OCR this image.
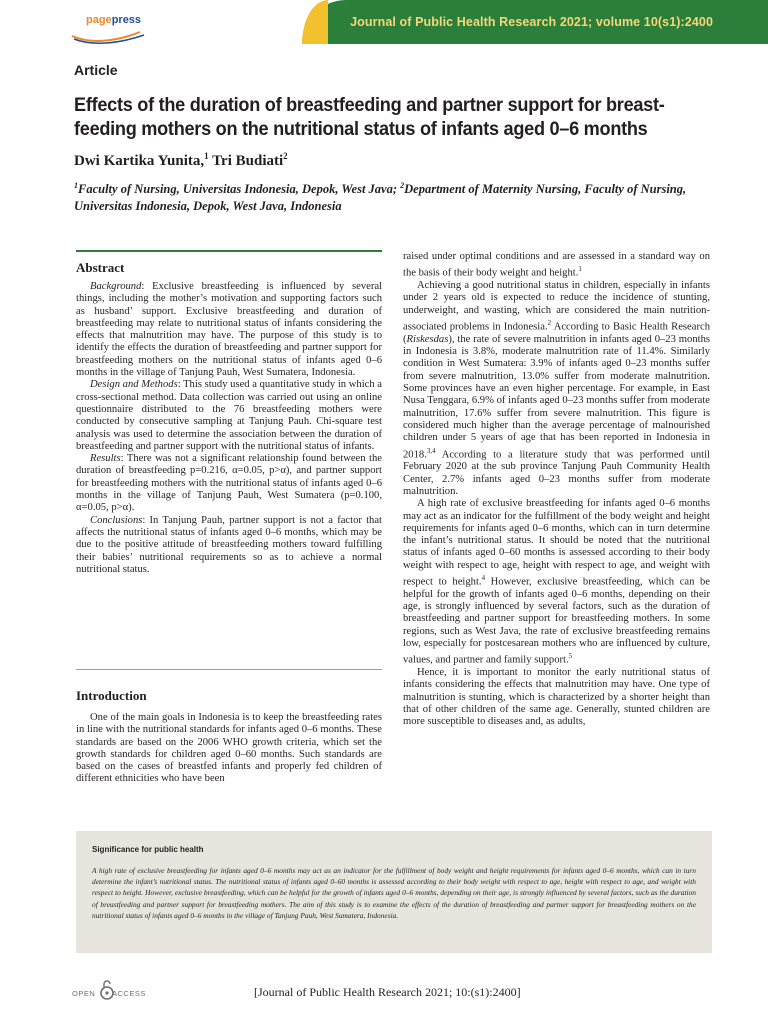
pagepress	Journal of Public Health Research 2021; volume 10(s1):2400
Article
Effects of the duration of breastfeeding and partner support for breast-feeding mothers on the nutritional status of infants aged 0–6 months
Dwi Kartika Yunita,$^1$ Tri Budiati$^2$
$^1$Faculty of Nursing, Universitas Indonesia, Depok, West Java; $^2$Department of Maternity Nursing, Faculty of Nursing, Universitas Indonesia, Depok, West Java, Indonesia
Abstract

Background: Exclusive breastfeeding is influenced by several things, including the mother’s motivation and supporting factors such as husband’ support. Exclusive breastfeeding and duration of breastfeeding may relate to nutritional status of infants considering the effects that malnutrition may have. The purpose of this study is to identify the effects the duration of breastfeeding and partner support for breastfeeding mothers on the nutritional status of infants aged 0–6 months in the village of Tanjung Pauh, West Sumatera, Indonesia.

Design and Methods: This study used a quantitative study in which a cross-sectional method. Data collection was carried out using an online questionnaire distributed to the 76 breastfeeding mothers were conducted by consecutive sampling at Tanjung Pauh. Chi-square test analysis was used to determine the association between the duration of breastfeeding and partner support with the nutritional status of infants.

Results: There was not a significant relationship found between the duration of breastfeeding p=0.216, α=0.05, p>α), and partner support for breastfeeding mothers with the nutritional status of infants aged 0–6 months in the village of Tanjung Pauh, West Sumatera (p=0.100, α=0.05, p>α).

Conclusions: In Tanjung Pauh, partner support is not a factor that affects the nutritional status of infants aged 0–6 months, which may be due to the positive attitude of breastfeeding mothers toward fulfilling their babies’ nutritional requirements so as to achieve a normal nutritional status.

Introduction

One of the main goals in Indonesia is to keep the breastfeeding rates in line with the nutritional standards for infants aged 0–6 months. These standards are based on the 2006 WHO growth criteria, which set the growth standards for children aged 0–60 months. Such standards are based on the cases of breastfed infants and properly fed children of different ethnicities who have been

raised under optimal conditions and are assessed in a standard way on the basis of their body weight and height.$^1$

Achieving a good nutritional status in children, especially in infants under 2 years old is expected to reduce the incidence of stunting, underweight, and wasting, which are considered the main nutrition-associated problems in Indonesia.$^2$ According to Basic Health Research (Riskesdas), the rate of severe malnutrition in infants aged 0–23 months in Indonesia is 3.8%, moderate malnutrition rate of 11.4%. Similarly condition in West Sumatera: 3.9% of infants aged 0–23 months suffer from severe malnutrition, 13.0% suffer from moderate malnutrition. Some provinces have an even higher percentage. For example, in East Nusa Tenggara, 6.9% of infants aged 0–23 months suffer from moderate malnutrition, 17.6% suffer from severe malnutrition. This figure is considered much higher than the average percentage of malnourished children under 5 years of age that has been reported in Indonesia in 2018.$^{3,4}$ According to a literature study that was performed until February 2020 at the sub province Tanjung Pauh Community Health Center, 2.7% infants aged 0–23 months suffer from moderate malnutrition.

A high rate of exclusive breastfeeding for infants aged 0–6 months may act as an indicator for the fulfillment of the body weight and height requirements for infants aged 0–6 months, which can in turn determine the infant’s nutritional status. It should be noted that the nutritional status of infants aged 0–60 months is assessed according to their body weight with respect to age, height with respect to age, and weight with respect to height.$^4$ However, exclusive breastfeeding, which can be helpful for the growth of infants aged 0–6 months, depending on their age, is strongly influenced by several factors, such as the duration of breastfeeding and partner support for breastfeeding mothers. In some regions, such as West Java, the rate of exclusive breastfeeding remains low, especially for postcesarean mothers who are influenced by culture, values, and partner and family support.$^5$

Hence, it is important to monitor the early nutritional status of infants considering the effects that malnutrition may have. One type of malnutrition is stunting, which is characterized by a shorter height than that of other children of the same age. Generally, stunted children are more susceptible to diseases and, as adults,

Significance for public health
A high rate of exclusive breastfeeding for infants aged 0–6 months may act as an indicator for the fulfillment of body weight and height requirements for infants aged 0–6 months, which can in turn determine the infant’s nutritional status. The nutritional status of infants aged 0–60 months is assessed according to their body weight with respect to age, height with respect to age, and weight with respect to height. However, exclusive breastfeeding, which can be helpful for the growth of infants aged 0–6 months, depending on their age, is strongly influenced by several factors, such as the duration of breastfeeding and partner support for breastfeeding mothers. The aim of this study is to examine the effects of the duration of breastfeeding and partner support for breastfeeding mothers on the nutritional status of infants aged 0–6 months in the village of Tanjung Pauh, West Sumatera, Indonesia.
OPEN ACCESS	[Journal of Public Health Research 2021; 10:(s1):2400]
